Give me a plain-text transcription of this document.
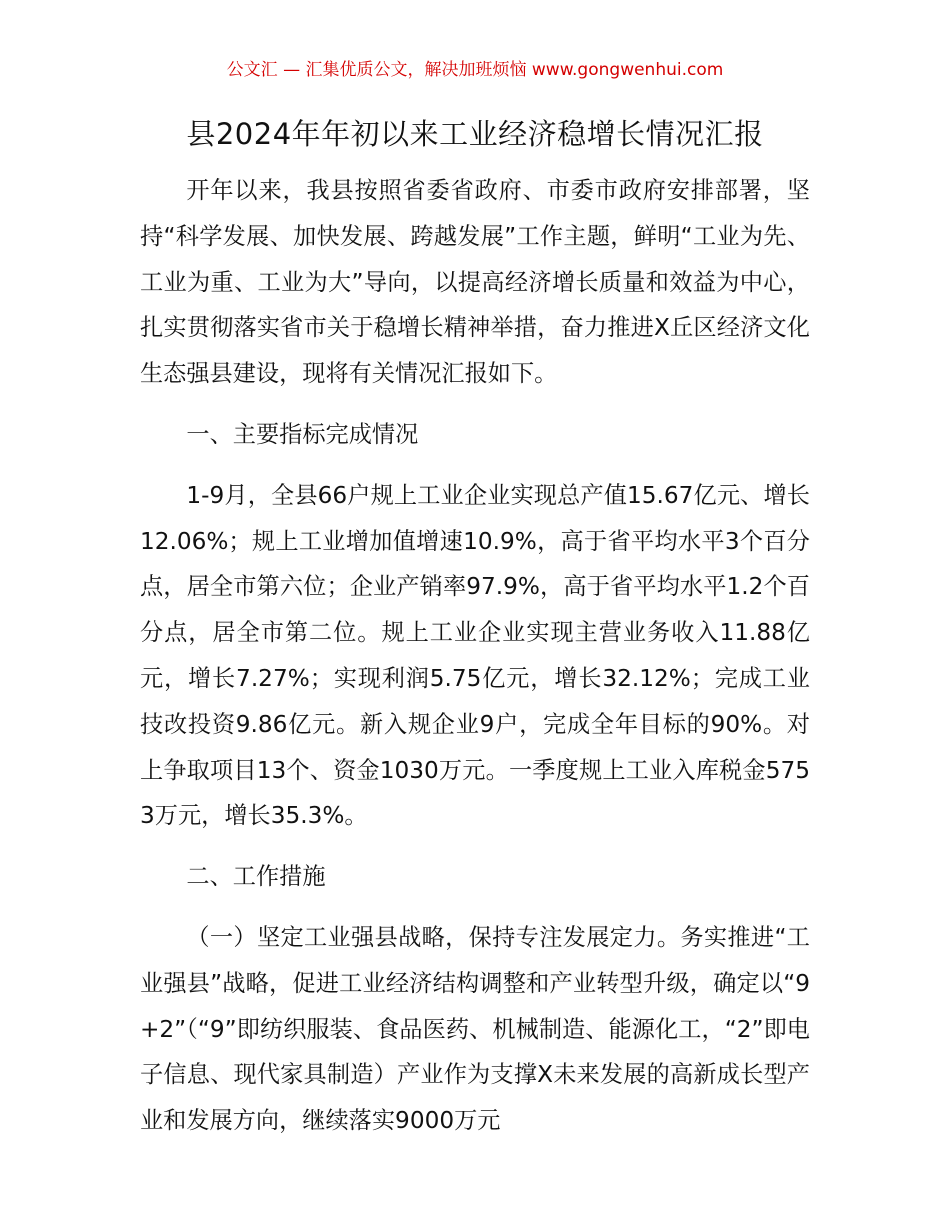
公文汇 — 汇集优质公文，解决加班烦恼 www.gongwenhui.com
县2024年年初以来工业经济稳增长情况汇报

开年以来，我县按照省委省政府、市委市政府安排部署，坚持“科学发展、加快发展、跨越发展”工作主题，鲜明“工业为先、工业为重、工业为大”导向，以提高经济增长质量和效益为中心，扎实贯彻落实省市关于稳增长精神举措，奋力推进X丘区经济文化生态强县建设，现将有关情况汇报如下。

一、主要指标完成情况

1-9月，全县66户规上工业企业实现总产值15.67亿元、增长12.06%；规上工业增加值增速10.9%，高于省平均水平3个百分点，居全市第六位；企业产销率97.9%，高于省平均水平1.2个百分点，居全市第二位。规上工业企业实现主营业务收入11.88亿元，增长7.27%；实现利润5.75亿元，增长32.12%；完成工业技改投资9.86亿元。新入规企业9户，完成全年目标的90%。对上争取项目13个、资金1030万元。一季度规上工业入库税金5753万元，增长35.3%。

二、工作措施

（一）坚定工业强县战略，保持专注发展定力。务实推进“工业强县”战略，促进工业经济结构调整和产业转型升级，确定以“9+2”（“9”即纺织服装、食品医药、机械制造、能源化工，“2”即电子信息、现代家具制造）产业作为支撑X未来发展的高新成长型产业和发展方向，继续落实9000万元
